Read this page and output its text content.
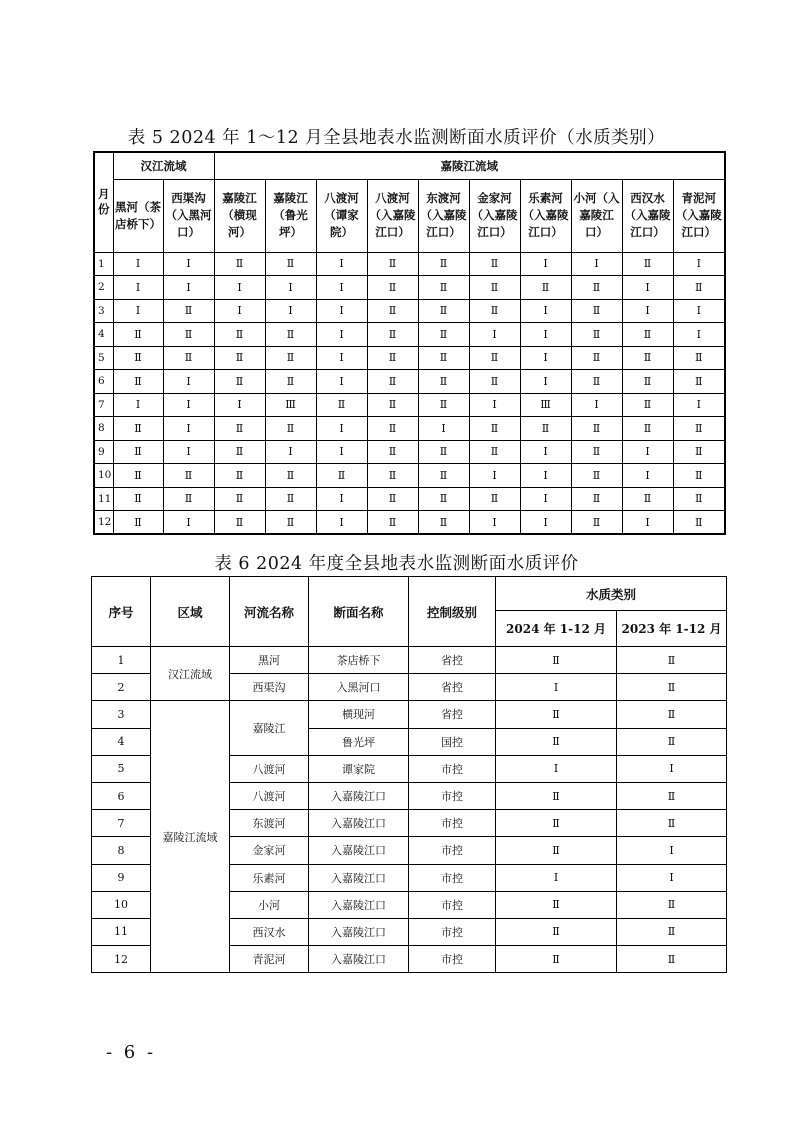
表 5 2024 年 1～12 月全县地表水监测断面水质评价（水质类别）
月份	汉江流域		嘉陵江流域									
	黑河（茶店桥下）	西渠沟（入黑河口）	嘉陵江（横现河）	嘉陵江（鲁光坪）	八渡河（谭家院）	八渡河（入嘉陵江口）	东渡河（入嘉陵江口）	金家河（入嘉陵江口）	乐素河（入嘉陵江口）	小河（入嘉陵江口）	西汉水（入嘉陵江口）	青泥河（入嘉陵江口）
1	Ⅰ	Ⅰ	Ⅱ	Ⅱ	Ⅰ	Ⅱ	Ⅱ	Ⅱ	Ⅰ	Ⅰ	Ⅱ	Ⅰ
2	Ⅰ	Ⅰ	Ⅰ	Ⅰ	Ⅰ	Ⅱ	Ⅱ	Ⅱ	Ⅱ	Ⅱ	Ⅰ	Ⅱ
3	Ⅰ	Ⅱ	Ⅰ	Ⅰ	Ⅰ	Ⅱ	Ⅱ	Ⅱ	Ⅰ	Ⅱ	Ⅰ	Ⅰ
4	Ⅱ	Ⅱ	Ⅱ	Ⅱ	Ⅰ	Ⅱ	Ⅱ	Ⅰ	Ⅰ	Ⅱ	Ⅱ	Ⅰ
5	Ⅱ	Ⅱ	Ⅱ	Ⅱ	Ⅰ	Ⅱ	Ⅱ	Ⅱ	Ⅰ	Ⅱ	Ⅱ	Ⅱ
6	Ⅱ	Ⅰ	Ⅱ	Ⅱ	Ⅰ	Ⅱ	Ⅱ	Ⅱ	Ⅰ	Ⅱ	Ⅱ	Ⅱ
7	Ⅰ	Ⅰ	Ⅰ	Ⅲ	Ⅱ	Ⅱ	Ⅱ	Ⅰ	Ⅲ	Ⅰ	Ⅱ	Ⅰ
8	Ⅱ	Ⅰ	Ⅱ	Ⅱ	Ⅰ	Ⅱ	Ⅰ	Ⅱ	Ⅱ	Ⅱ	Ⅱ	Ⅱ
9	Ⅱ	Ⅰ	Ⅱ	Ⅰ	Ⅰ	Ⅱ	Ⅱ	Ⅱ	Ⅰ	Ⅱ	Ⅰ	Ⅱ
10	Ⅱ	Ⅱ	Ⅱ	Ⅱ	Ⅱ	Ⅱ	Ⅱ	Ⅰ	Ⅰ	Ⅱ	Ⅰ	Ⅱ
11	Ⅱ	Ⅱ	Ⅱ	Ⅱ	Ⅰ	Ⅱ	Ⅱ	Ⅱ	Ⅰ	Ⅱ	Ⅱ	Ⅱ
12	Ⅱ	Ⅰ	Ⅱ	Ⅱ	Ⅰ	Ⅱ	Ⅱ	Ⅰ	Ⅰ	Ⅱ	Ⅰ	Ⅱ
表 6 2024 年度全县地表水监测断面水质评价
序号	区域	河流名称	断面名称	控制级别	水质类别	
					2024 年 1-12 月	2023 年 1-12 月
1	汉江流域	黑河	茶店桥下	省控	Ⅱ	Ⅱ
2		西渠沟	入黑河口	省控	Ⅰ	Ⅱ
3	嘉陵江流域	嘉陵江	横现河	省控	Ⅱ	Ⅱ
4			鲁光坪	国控	Ⅱ	Ⅱ
5		八渡河	谭家院	市控	Ⅰ	Ⅰ
6		八渡河	入嘉陵江口	市控	Ⅱ	Ⅱ
7		东渡河	入嘉陵江口	市控	Ⅱ	Ⅱ
8		金家河	入嘉陵江口	市控	Ⅱ	Ⅰ
9		乐素河	入嘉陵江口	市控	Ⅰ	Ⅰ
10		小河	入嘉陵江口	市控	Ⅱ	Ⅱ
11		西汉水	入嘉陵江口	市控	Ⅱ	Ⅱ
12		青泥河	入嘉陵江口	市控	Ⅱ	Ⅱ
- 6 -
